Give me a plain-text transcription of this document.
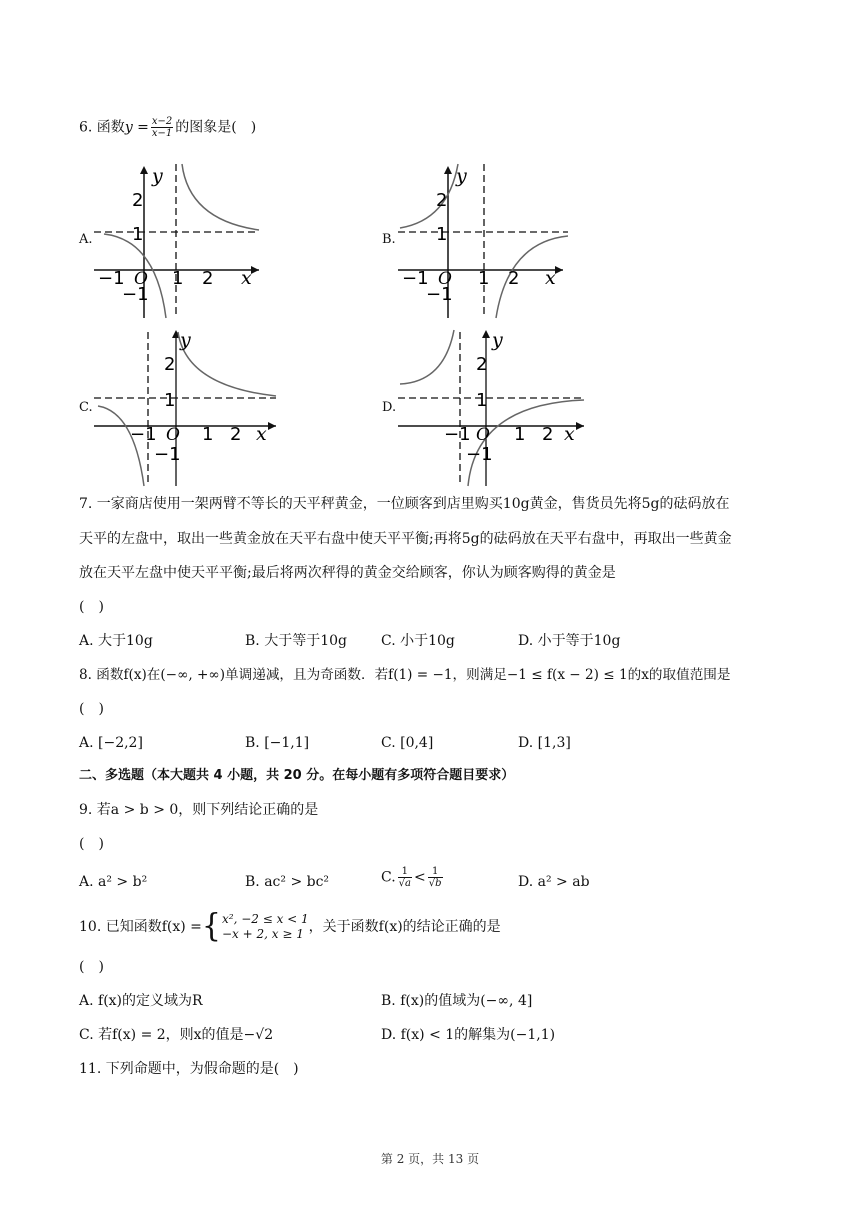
6. 函数$y = \frac{x-2}{x-1}$ 的图象是(　)
A.
y
x
2
1
−1 O 1 2
−1
B.
y
x
2
1
−1 O 1 2
−1
C.
y
x
2
1
−1 O 1 2
−1
D.
y
x
2
1
−1 O 1 2
−1
7. 一家商店使用一架两臂不等长的天平秤黄金，一位顾客到店里购买10g黄金，售货员先将5g的砝码放在
天平的左盘中，取出一些黄金放在天平右盘中使天平平衡;再将5g的砝码放在天平右盘中，再取出一些黄金
放在天平左盘中使天平平衡;最后将两次秤得的黄金交给顾客，你认为顾客购得的黄金是
(　)
A. 大于10g	B. 大于等于10g C. 小于10g	D. 小于等于10g
8. 函数f(x)在(−∞, +∞)单调递减，且为奇函数．若f(1) = −1，则满足−1 ≤ f(x − 2) ≤ 1的x的取值范围是
(　)
A. [−2,2]	B. [−1,1]	C. [0,4]	D. [1,3]
二、多选题（本大题共 4 小题，共 20 分。在每小题有多项符合题目要求）
9. 若a > b > 0，则下列结论正确的是
(　)
A. a² > b²	B. ac² > bc²	C. $\frac{1}{√a} < \frac{1}{√b}$	D. a² > ab
10. 已知函数f(x) ={ x², −2 ≤ x < 1
−x + 2, x ≥ 1 ，关于函数f(x)的结论正确的是
(　)
A. f(x)的定义域为R	B. f(x)的值域为(−∞, 4]
C. 若f(x) = 2，则x的值是−√2	D. f(x) < 1的解集为(−1,1)
11. 下列命题中，为假命题的是(　)
第 2 页，共 13 页
